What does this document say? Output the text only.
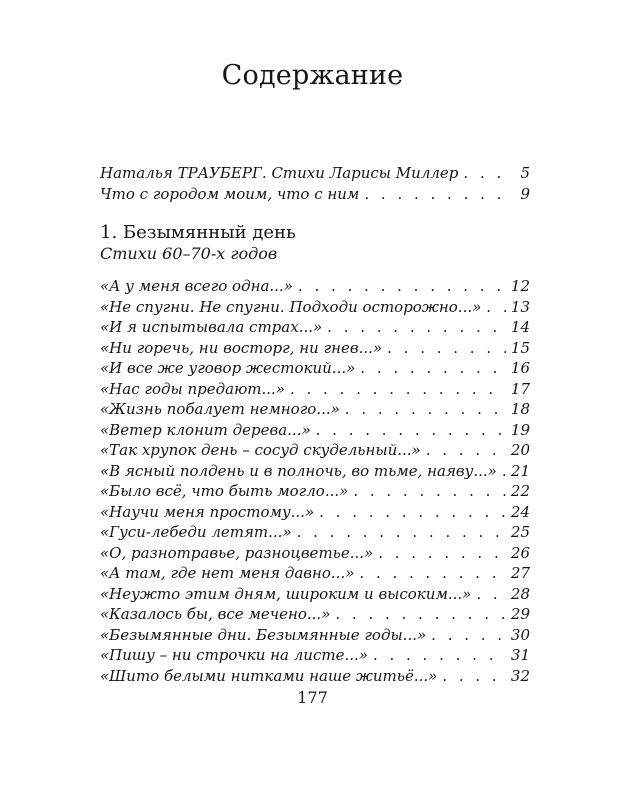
Содержание
Наталья ТРАУБЕРГ. Стихи Ларисы Миллер . . .	5
Что с городом моим, что с ним . . .	9
1. Безымянный день
Стихи 60–70-х годов
«А у меня всего одна...» . . .	12
«Не спугни. Не спугни. Подходи осторожно...» . . . 13
«И я испытывала страх...» . . .	14
«Ни горечь, ни восторг, ни гнев...» . . .	15
«И все же уговор жестокий...» . . .	16
«Нас годы предают...» . . .	17
«Жизнь побалует немного...» . . .	18
«Ветер клонит дерева...» . . .	19
«Так хрупок день – сосуд скудельный...» . . .	20
«В ясный полдень и в полночь, во тьме, наяву...» . . . 21
«Было всё, что быть могло...» . . .	22
«Научи меня простому...» . . .	24
«Гуси-лебеди летят...» . . .	25
«О, разнотравье, разноцветье...» . . .	26
«А там, где нет меня давно...» . . .	27
«Неужто этим дням, широким и высоким...» . . .	28
«Казалось бы, все мечено...» . . .	29
«Безымянные дни. Безымянные годы...» . . .	30
«Пишу – ни строчки на листе...» . . .	31
«Шито белыми нитками наше житьё...» . . .	32
177
